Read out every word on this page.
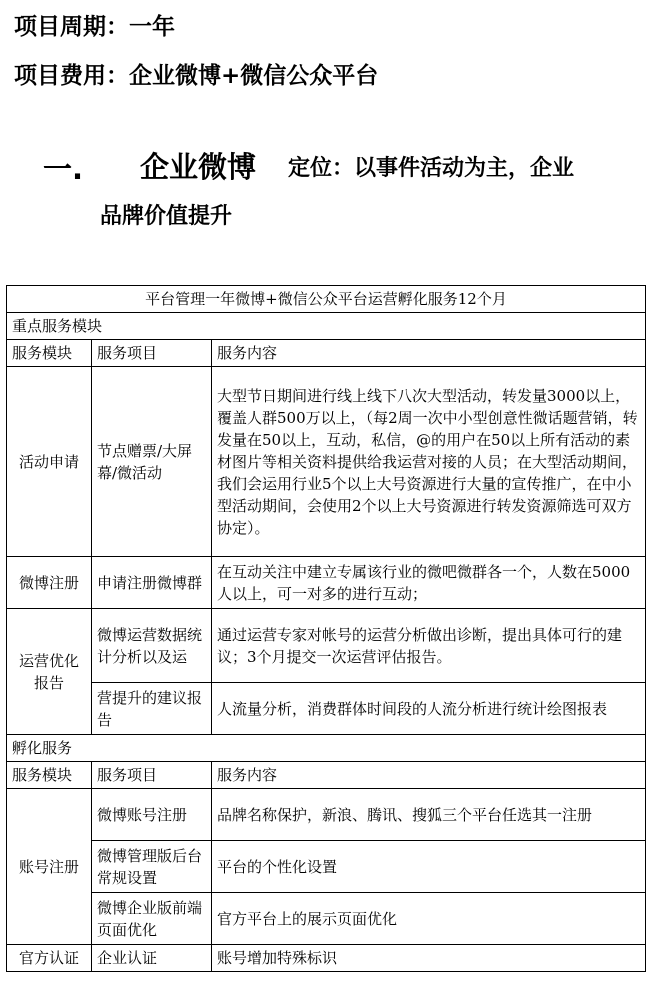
项目周期：一年
项目费用：企业微博+微信公众平台
一. 企业微博 定位：以事件活动为主，企业
品牌价值提升
平台管理一年微博+微信公众平台运营孵化服务12个月		
重点服务模块		
服务模块	服务项目	服务内容
活动申请	节点赠票/大屏幕/微活动	大型节日期间进行线上线下八次大型活动，转发量3000以上，覆盖人群500万以上，（每2周一次中小型创意性微话题营销，转发量在50以上，互动，私信，@的用户在50以上所有活动的素材图片等相关资料提供给我运营对接的人员；在大型活动期间，我们会运用行业5个以上大号资源进行大量的宣传推广，在中小型活动期间，会使用2个以上大号资源进行转发资源筛选可双方协定）。
微博注册	申请注册微博群	在互动关注中建立专属该行业的微吧微群各一个，人数在5000人以上，可一对多的进行互动；
运营优化报告	微博运营数据统计分析以及运	通过运营专家对帐号的运营分析做出诊断，提出具体可行的建议；3个月提交一次运营评估报告。
	营提升的建议报告	人流量分析，消费群体时间段的人流分析进行统计绘图报表
孵化服务		
服务模块	服务项目	服务内容
账号注册	微博账号注册	品牌名称保护，新浪、腾讯、搜狐三个平台任选其一注册
	微博管理版后台常规设置	平台的个性化设置
	微博企业版前端页面优化	官方平台上的展示页面优化
官方认证	企业认证	账号增加特殊标识
